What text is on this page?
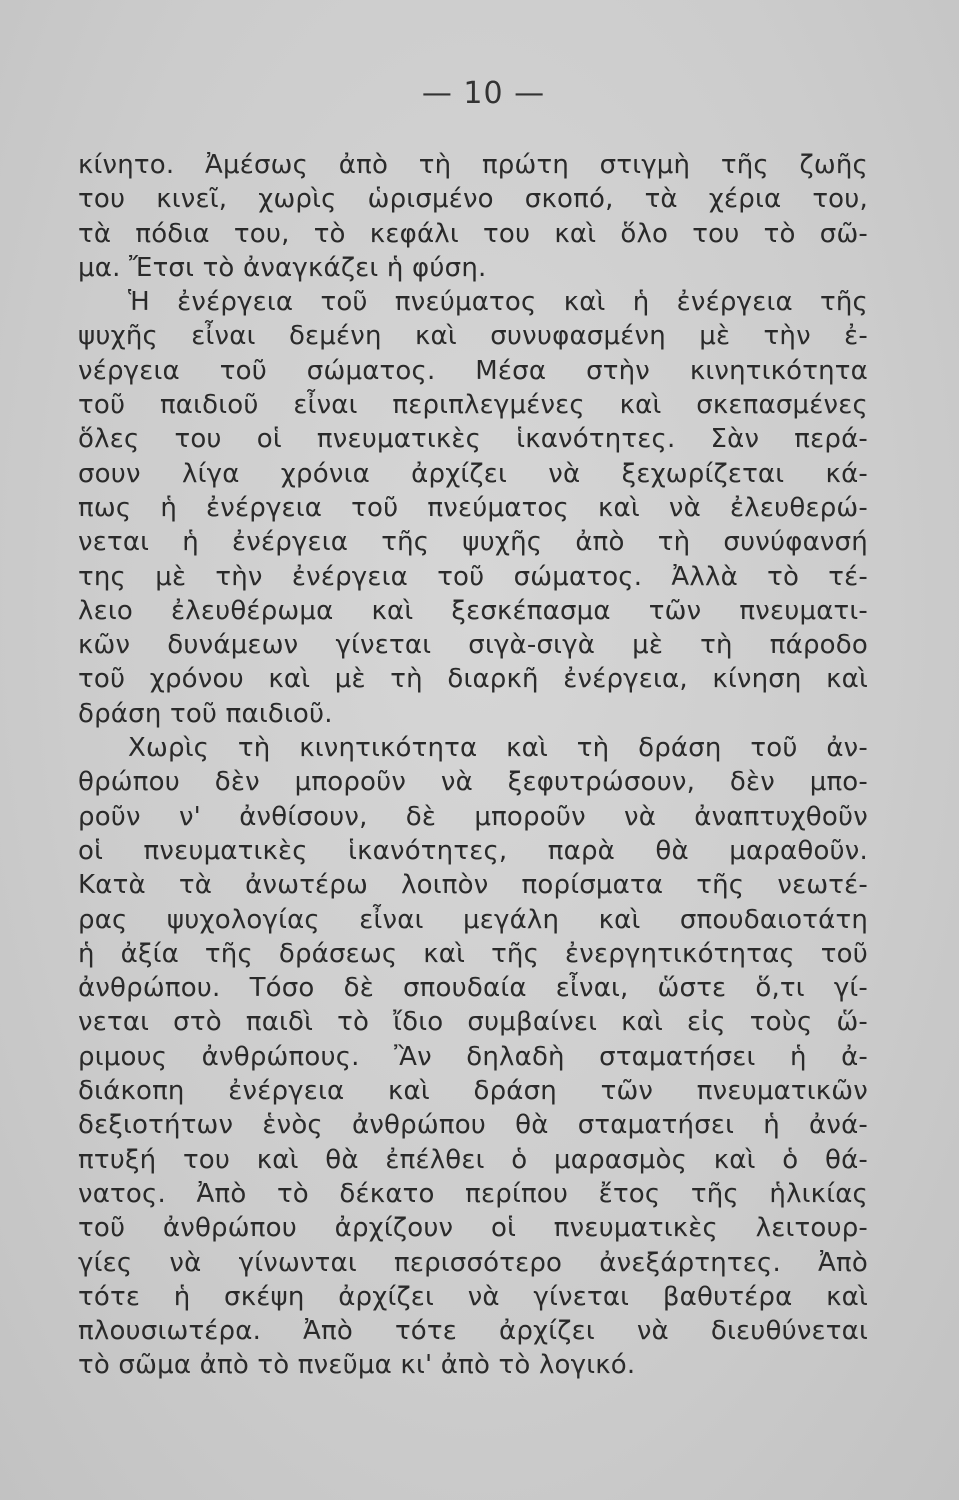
— 10 —
κίνητο. Ἀμέσως ἀπὸ τὴ πρώτη στιγμὴ τῆς ζωῆς
του κινεῖ, χωρὶς ὡρισμένο σκοπό, τὰ χέρια του,
τὰ πόδια του, τὸ κεφάλι του καὶ ὅλο του τὸ σῶ-
μα. Ἔτσι τὸ ἀναγκάζει ἡ φύση.
Ἡ ἐνέργεια τοῦ πνεύματος καὶ ἡ ἐνέργεια τῆς
ψυχῆς εἶναι δεμένη καὶ συνυφασμένη μὲ τὴν ἐ-
νέργεια τοῦ σώματος. Μέσα στὴν κινητικότητα
τοῦ παιδιοῦ εἶναι περιπλεγμένες καὶ σκεπασμένες
ὅλες του οἱ πνευματικὲς ἱκανότητες. Σὰν περά-
σουν λίγα χρόνια ἀρχίζει νὰ ξεχωρίζεται κά-
πως ἡ ἐνέργεια τοῦ πνεύματος καὶ νὰ ἐλευθερώ-
νεται ἡ ἐνέργεια τῆς ψυχῆς ἀπὸ τὴ συνύφανσή
της μὲ τὴν ἐνέργεια τοῦ σώματος. Ἀλλὰ τὸ τέ-
λειο ἐλευθέρωμα καὶ ξεσκέπασμα τῶν πνευματι-
κῶν δυνάμεων γίνεται σιγὰ-σιγὰ μὲ τὴ πάροδο
τοῦ χρόνου καὶ μὲ τὴ διαρκῆ ἐνέργεια, κίνηση καὶ
δράση τοῦ παιδιοῦ.
Χωρὶς τὴ κινητικότητα καὶ τὴ δράση τοῦ ἀν-
θρώπου δὲν μποροῦν νὰ ξεφυτρώσουν, δὲν μπο-
ροῦν ν' ἀνθίσουν, δὲ μποροῦν νὰ ἀναπτυχθοῦν
οἱ πνευματικὲς ἱκανότητες, παρὰ θὰ μαραθοῦν.
Κατὰ τὰ ἀνωτέρω λοιπὸν πορίσματα τῆς νεωτέ-
ρας ψυχολογίας εἶναι μεγάλη καὶ σπουδαιοτάτη
ἡ ἀξία τῆς δράσεως καὶ τῆς ἐνεργητικότητας τοῦ
ἀνθρώπου. Τόσο δὲ σπουδαία εἶναι, ὥστε ὅ,τι γί-
νεται στὸ παιδὶ τὸ ἴδιο συμβαίνει καὶ εἰς τοὺς ὥ-
ριμους ἀνθρώπους. Ἂν δηλαδὴ σταματήσει ἡ ἀ-
διάκοπη ἐνέργεια καὶ δράση τῶν πνευματικῶν
δεξιοτήτων ἑνὸς ἀνθρώπου θὰ σταματήσει ἡ ἀνά-
πτυξή του καὶ θὰ ἐπέλθει ὁ μαρασμὸς καὶ ὁ θά-
νατος. Ἀπὸ τὸ δέκατο περίπου ἔτος τῆς ἡλικίας
τοῦ ἀνθρώπου ἀρχίζουν οἱ πνευματικὲς λειτουρ-
γίες νὰ γίνωνται περισσότερο ἀνεξάρτητες. Ἀπὸ
τότε ἡ σκέψη ἀρχίζει νὰ γίνεται βαθυτέρα καὶ
πλουσιωτέρα. Ἀπὸ τότε ἀρχίζει νὰ διευθύνεται
τὸ σῶμα ἀπὸ τὸ πνεῦμα κι' ἀπὸ τὸ λογικό.
